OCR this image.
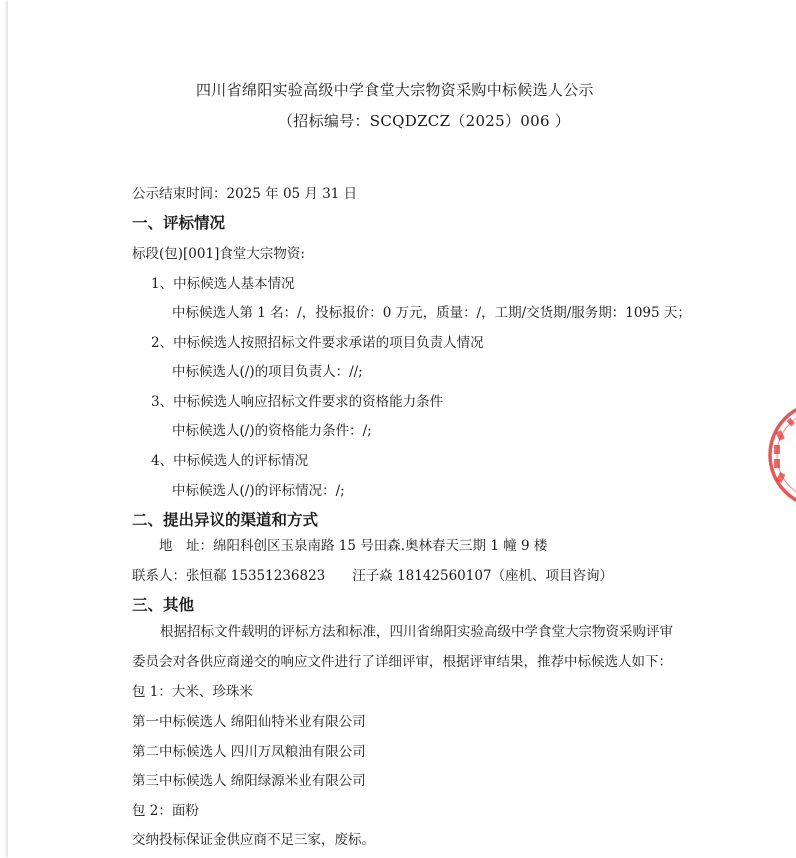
四川省绵阳实验高级中学食堂大宗物资采购中标候选人公示
（招标编号：SCQDZCZ（2025）006 ）
公示结束时间：2025 年 05 月 31 日
一、评标情况
标段(包)[001]食堂大宗物资:
1、中标候选人基本情况
中标候选人第 1 名：/，投标报价：0 万元，质量：/，工期/交货期/服务期：1095 天；
2、中标候选人按照招标文件要求承诺的项目负责人情况
中标候选人(/)的项目负责人：//;
3、中标候选人响应招标文件要求的资格能力条件
中标候选人(/)的资格能力条件：/;
4、中标候选人的评标情况
中标候选人(/)的评标情况：/;
二、提出异议的渠道和方式
地　址：绵阳科创区玉泉南路 15 号田森.奥林春天三期 1 幢 9 楼
联系人：张恒郗 15351236823　　汪子焱 18142560107（座机、项目咨询）
三、其他
根据招标文件载明的评标方法和标准，四川省绵阳实验高级中学食堂大宗物资采购评审
委员会对各供应商递交的响应文件进行了详细评审，根据评审结果，推荐中标候选人如下：
包 1：大米、珍珠米
第一中标候选人 绵阳仙特米业有限公司
第二中标候选人 四川万凤粮油有限公司
第三中标候选人 绵阳绿源米业有限公司
包 2：面粉
交纳投标保证金供应商不足三家，废标。
